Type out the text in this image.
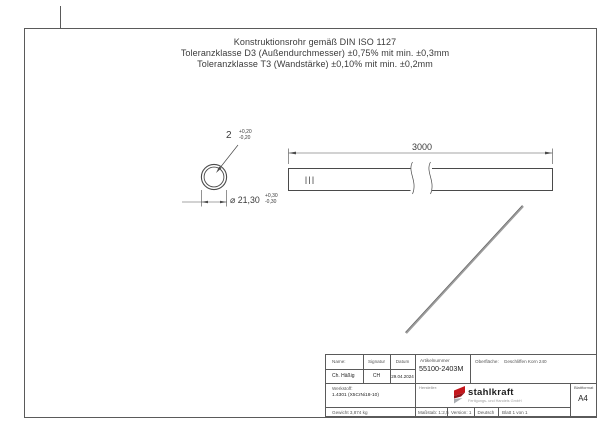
Konstruktionsrohr gemäß DIN ISO 1127
Toleranzklasse D3 (Außendurchmesser) ±0,75% mit min. ±0,3mm
Toleranzklasse T3 (Wandstärke) ±0,10% mit min. ±0,2mm
2 +0,20
-0,20
⌀ 21,30 +0,30
-0,30
3000
Name:	Signatur	Datum
Ch. Häßig	CH	29.04.2024
Artikelnummer
55100-2403M
Oberfläche: Geschliffen Korn 240
Werkstoff:
1.4301 (X5CrNi18-10)
Hersteller:	stahlkraft
Fertigungs- und Handels GmbH
Blattformat
A4
Gewicht 3,874 kg	Maßstab: 1:2,5 Version: 1 Deutsch Blatt 1 von 1
